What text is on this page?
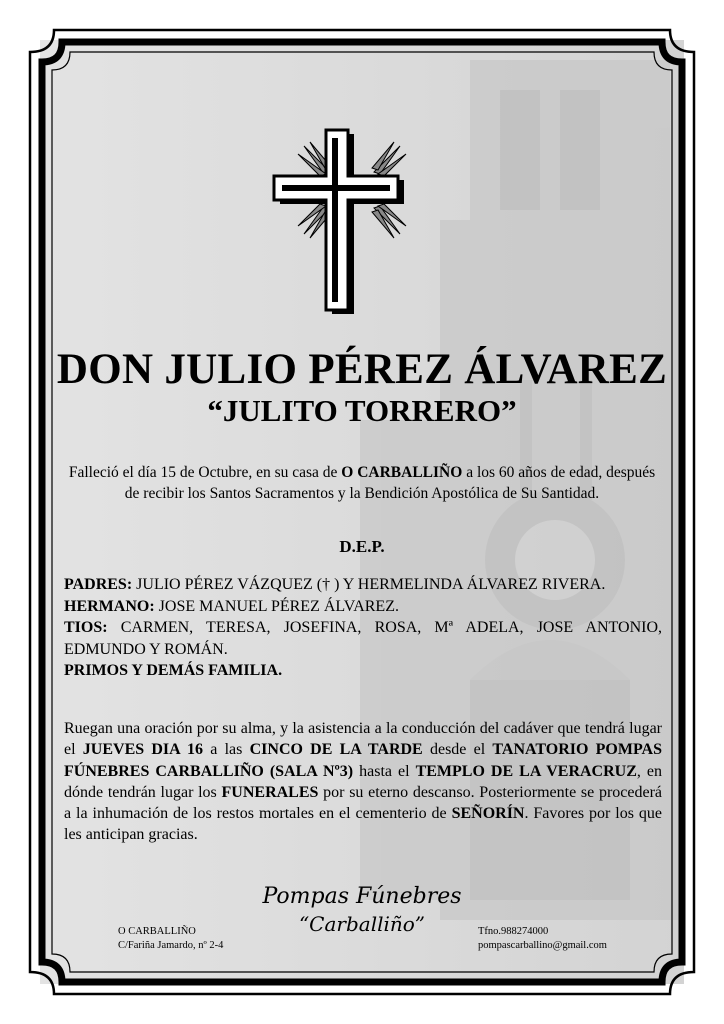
DON JULIO PÉREZ ÁLVAREZ
“JULITO TORRERO”
Falleció el día 15 de Octubre, en su casa de O CARBALLIÑO a los 60 años de edad, después de recibir los Santos Sacramentos y la Bendición Apostólica de Su Santidad.
D.E.P.

PADRES: JULIO PÉREZ VÁZQUEZ († ) Y HERMELINDA ÁLVAREZ RIVERA.

HERMANO: JOSE MANUEL PÉREZ ÁLVAREZ.

TIOS: CARMEN, TERESA, JOSEFINA, ROSA, Mª ADELA, JOSE ANTONIO, EDMUNDO Y ROMÁN.

PRIMOS Y DEMÁS FAMILIA.

Ruegan una oración por su alma, y la asistencia a la conducción del cadáver que tendrá lugar el JUEVES DIA 16 a las CINCO DE LA TARDE desde el TANATORIO POMPAS FÚNEBRES CARBALLIÑO (SALA Nº3) hasta el TEMPLO DE LA VERACRUZ, en dónde tendrán lugar los FUNERALES por su eterno descanso. Posteriormente se procederá a la inhumación de los restos mortales en el cementerio de SEÑORÍN. Favores por los que les anticipan gracias.
Pompas Fúnebres
“Carballiño”
O CARBALLIÑO
C/Fariña Jamardo, nº 2-4
Tfno.988274000
pompascarballino@gmail.com
